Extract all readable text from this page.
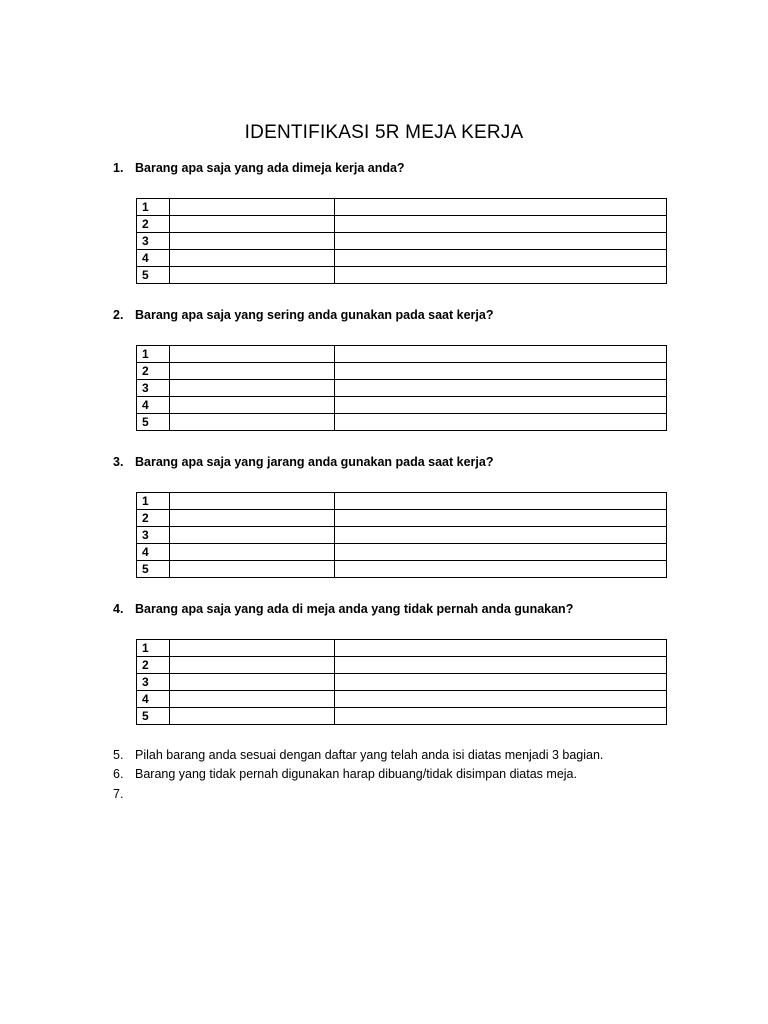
IDENTIFIKASI 5R MEJA KERJA
1. Barang apa saja yang ada dimeja kerja anda?
1		
2		
3		
4		
5		
2. Barang apa saja yang sering anda gunakan pada saat kerja?
1		
2		
3		
4		
5		
3. Barang apa saja yang jarang anda gunakan pada saat kerja?
1		
2		
3		
4		
5		
4. Barang apa saja yang ada di meja anda yang tidak pernah anda gunakan?
1		
2		
3		
4		
5		
5. Pilah barang anda sesuai dengan daftar yang telah anda isi diatas menjadi 3 bagian.
6. Barang yang tidak pernah digunakan harap dibuang/tidak disimpan diatas meja.
7.
